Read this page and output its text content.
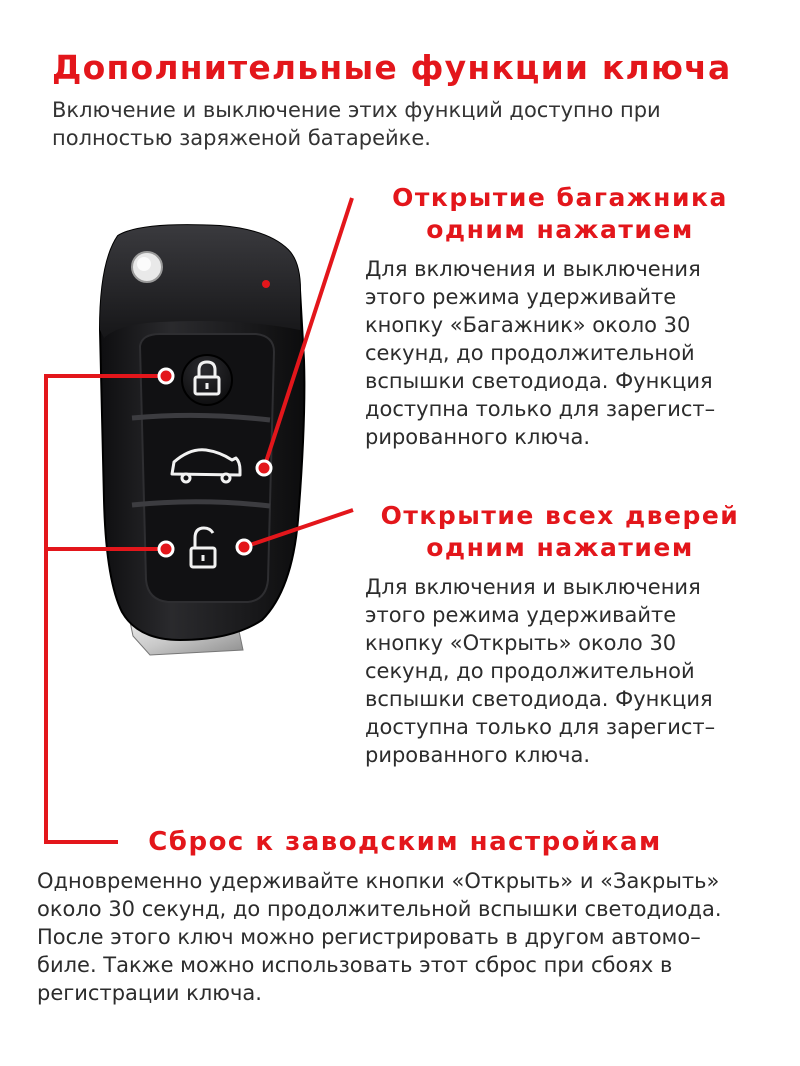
Дополнительные функции ключа

Включение и выключение этих функций доступно при полностью заряженой батарейке.

Открытие багажника
одним нажатием

Для включения и выключения
этого режима удерживайте
кнопку «Багажник» около 30
секунд, до продолжительной
вспышки светодиода. Функция
доступна только для зарегист–
рированного ключа.

Открытие всех дверей
одним нажатием

Для включения и выключения
этого режима удерживайте
кнопку «Открыть» около 30
секунд, до продолжительной
вспышки светодиода. Функция
доступна только для зарегист–
рированного ключа.

Сброс к заводским настройкам

Одновременно удерживайте кнопки «Открыть» и «Закрыть»
около 30 секунд, до продолжительной вспышки светодиода.
После этого ключ можно регистрировать в другом автомо–
биле. Также можно использовать этот сброс при сбоях в
регистрации ключа.
